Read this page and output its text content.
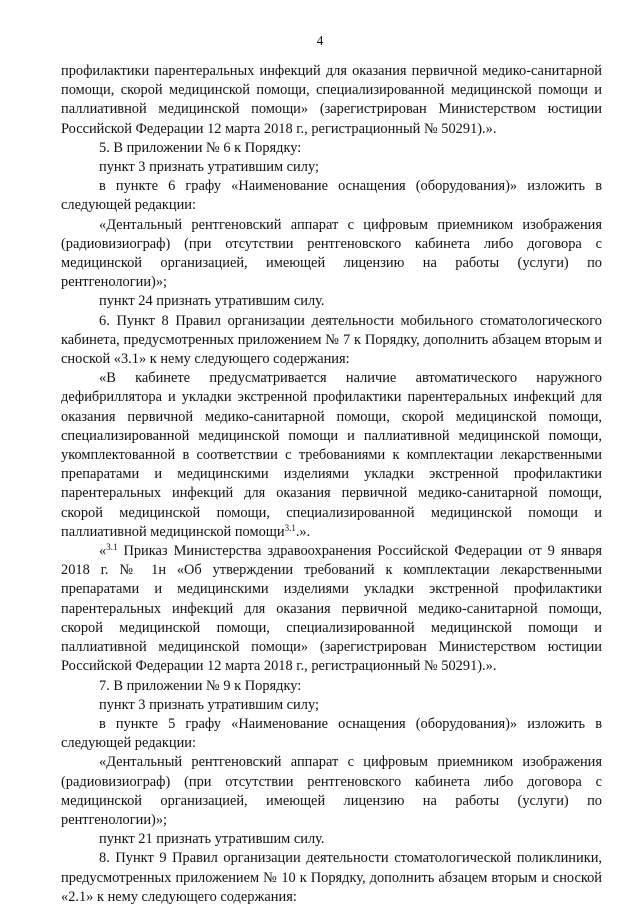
4

профилактики парентеральных инфекций для оказания первичной медико-санитарной помощи, скорой медицинской помощи, специализированной медицинской помощи и паллиативной медицинской помощи» (зарегистрирован Министерством юстиции Российской Федерации 12 марта 2018 г., регистрационный № 50291).».

5. В приложении № 6 к Порядку:

пункт 3 признать утратившим силу;

в пункте 6 графу «Наименование оснащения (оборудования)» изложить в следующей редакции:

«Дентальный рентгеновский аппарат с цифровым приемником изображения (радиовизиограф) (при отсутствии рентгеновского кабинета либо договора с медицинской организацией, имеющей лицензию на работы (услуги) по рентгенологии)»;

пункт 24 признать утратившим силу.

6. Пункт 8 Правил организации деятельности мобильного стоматологического кабинета, предусмотренных приложением № 7 к Порядку, дополнить абзацем вторым и сноской «3.1» к нему следующего содержания:

«В кабинете предусматривается наличие автоматического наружного дефибриллятора и укладки экстренной профилактики парентеральных инфекций для оказания первичной медико-санитарной помощи, скорой медицинской помощи, специализированной медицинской помощи и паллиативной медицинской помощи, укомплектованной в соответствии с требованиями к комплектации лекарственными препаратами и медицинскими изделиями укладки экстренной профилактики парентеральных инфекций для оказания первичной медико-санитарной помощи, скорой медицинской помощи, специализированной медицинской помощи и паллиативной медицинской помощи$^{3.1}$.».

«$^{3.1}$ Приказ Министерства здравоохранения Российской Федерации от 9 января 2018 г. № 1н «Об утверждении требований к комплектации лекарственными препаратами и медицинскими изделиями укладки экстренной профилактики парентеральных инфекций для оказания первичной медико-санитарной помощи, скорой медицинской помощи, специализированной медицинской помощи и паллиативной медицинской помощи» (зарегистрирован Министерством юстиции Российской Федерации 12 марта 2018 г., регистрационный № 50291).».

7. В приложении № 9 к Порядку:

пункт 3 признать утратившим силу;

в пункте 5 графу «Наименование оснащения (оборудования)» изложить в следующей редакции:

«Дентальный рентгеновский аппарат с цифровым приемником изображения (радиовизиограф) (при отсутствии рентгеновского кабинета либо договора с медицинской организацией, имеющей лицензию на работы (услуги) по рентгенологии)»;

пункт 21 признать утратившим силу.

8. Пункт 9 Правил организации деятельности стоматологической поликлиники, предусмотренных приложением № 10 к Порядку, дополнить абзацем вторым и сноской «2.1» к нему следующего содержания:
